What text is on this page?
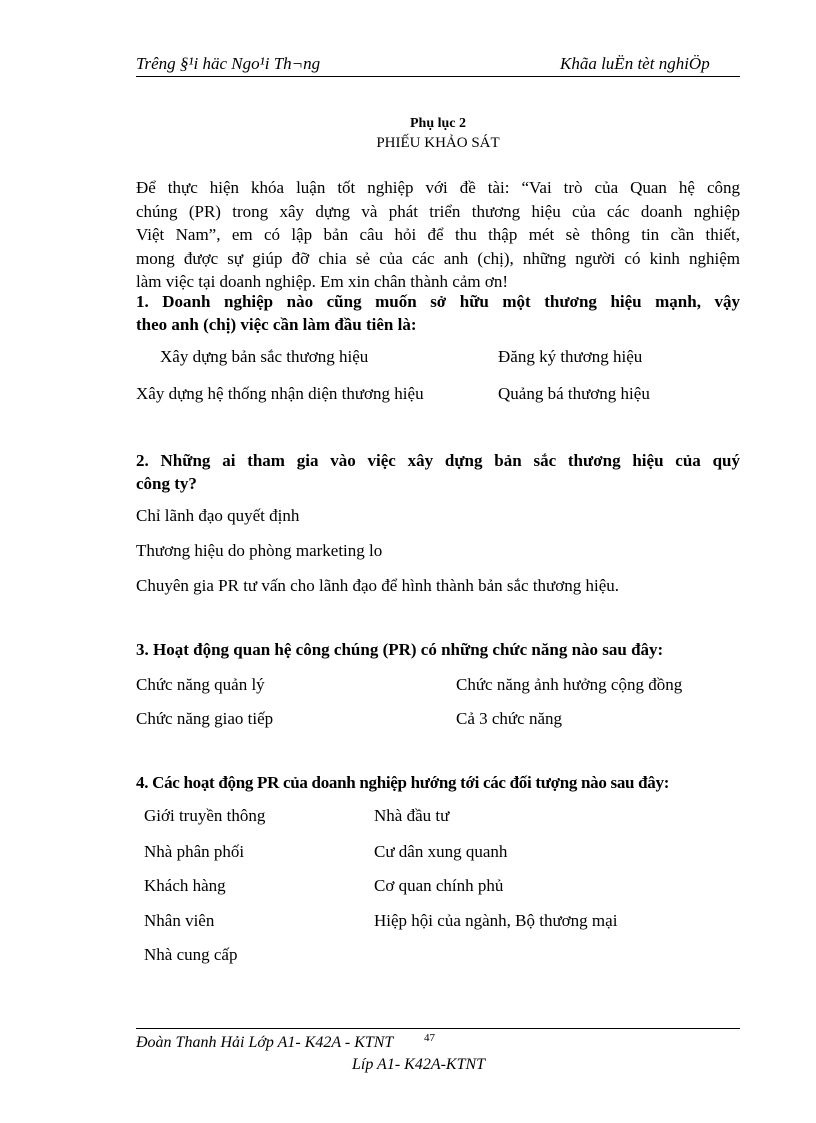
Trêng §¹i häc Ngo¹i Th¬ng	Khãa luËn tèt nghiÖp
Phụ lục 2
PHIẾU KHẢO SÁT
Để thực hiện khóa luận tốt nghiệp với đề tài: “Vai trò của Quan hệ công
chúng (PR) trong xây dựng và phát triển thương hiệu của các doanh nghiệp
Việt Nam”, em có lập bản câu hỏi để thu thập mét sè thông tin cần thiết,
mong được sự giúp đỡ chia sẻ của các anh (chị), những người có kinh nghiệm
làm việc tại doanh nghiệp. Em xin chân thành cảm ơn!
1. Doanh nghiệp nào cũng muốn sở hữu một thương hiệu mạnh, vậy
theo anh (chị) việc cần làm đầu tiên là:
Xây dựng bản sắc thương hiệu	Đăng ký thương hiệu
Xây dựng hệ thống nhận diện thương hiệu	Quảng bá thương hiệu
2. Những ai tham gia vào việc xây dựng bản sắc thương hiệu của quý
công ty?
Chỉ lãnh đạo quyết định
Thương hiệu do phòng marketing lo
Chuyên gia PR tư vấn cho lãnh đạo để hình thành bản sắc thương hiệu.
3. Hoạt động quan hệ công chúng (PR) có những chức năng nào sau đây:
Chức năng quản lý	Chức năng ảnh hưởng cộng đồng
Chức năng giao tiếp	Cả 3 chức năng
4. Các hoạt động PR của doanh nghiệp hướng tới các đối tượng nào sau đây:
Giới truyền thông	Nhà đầu tư
Nhà phân phối	Cư dân xung quanh
Khách hàng	Cơ quan chính phủ
Nhân viên	Hiệp hội của ngành, Bộ thương mại
Nhà cung cấp
Đoàn Thanh Hải Lớp A1- K42A - KTNT	47
Líp A1- K42A-KTNT
